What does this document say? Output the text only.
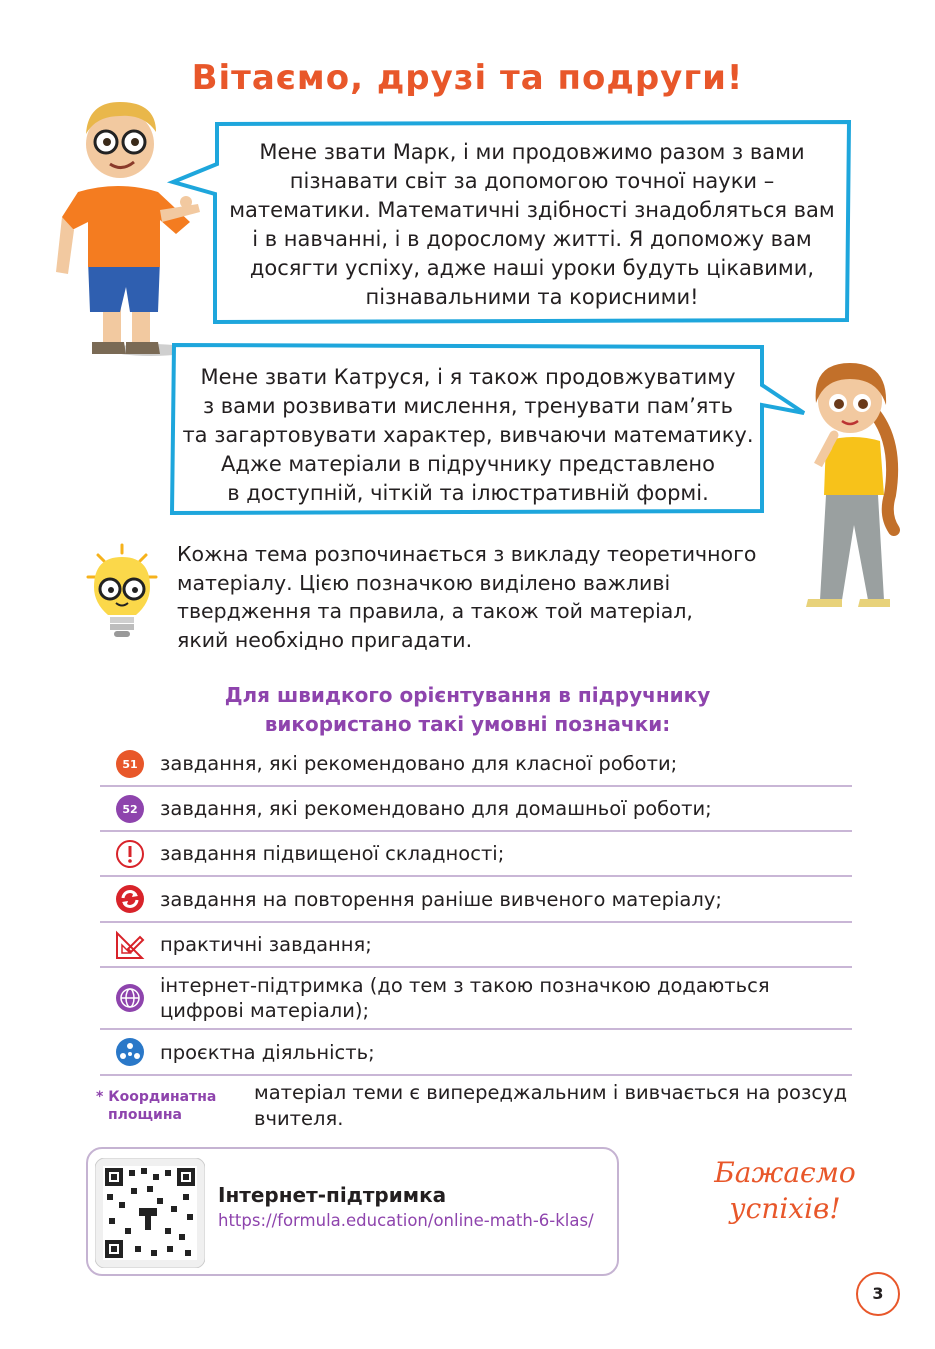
Вітаємо, друзі та подруги!
Мене звати Марк, і ми продовжимо разом з вами
пізнавати світ за допомогою точної науки –
математики. Математичні здібності знадобляться вам
і в навчанні, і в дорослому житті. Я допоможу вам
досягти успіху, адже наші уроки будуть цікавими,
пізнавальними та корисними!
Мене звати Катруся, і я також продовжуватиму
з вами розвивати мислення, тренувати пам’ять
та загартовувати характер, вивчаючи математику.
Адже матеріали в підручнику представлено
в доступній, чіткій та ілюстративній формі.
Кожна тема розпочинається з викладу теоретичного
матеріалу. Цією позначкою виділено важливі
твердження та правила, а також той матеріал,
який необхідно пригадати.
Для швидкого орієнтування в підручнику
використано такі умовні позначки:
51 завдання, які рекомендовано для класної роботи;
52 завдання, які рекомендовано для домашньої роботи;
завдання підвищеної складності;
завдання на повторення раніше вивченого матеріалу;
практичні завдання;
інтернет-підтримка (до тем з такою позначкою додаються цифрові матеріали);
проєктна діяльність;
* Координатна
площина
матеріал теми є випереджальним і вивчається на розсуд вчителя.
Інтернет-підтримка
https://formula.education/online-math-6-klas/
Бажаємо
успіхів!
3
